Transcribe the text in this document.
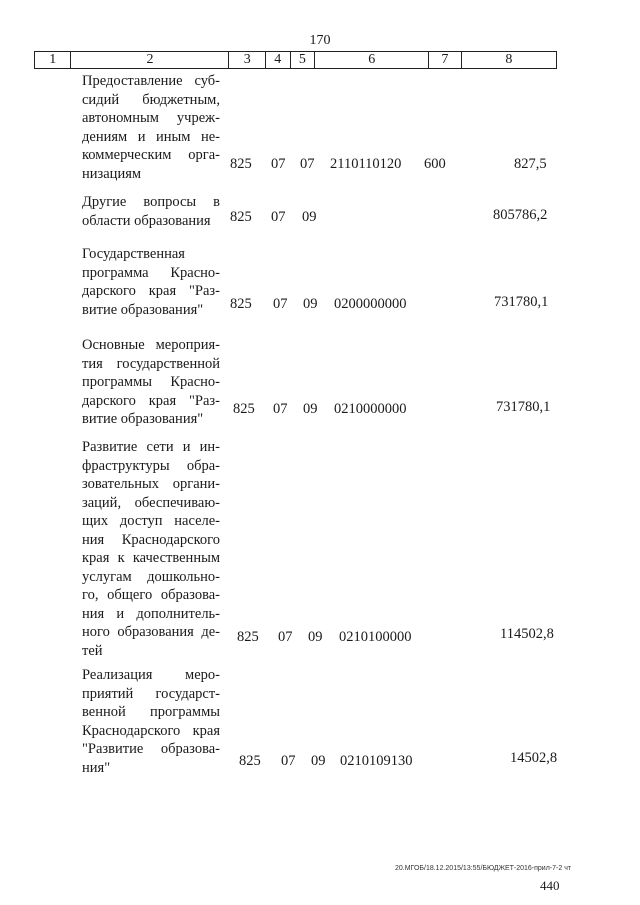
170
1	2	3	4	5	6	7	8
Предоставление суб-
сидий бюджетным,
автономным учреж-
дениям и иным не-
коммерческим орга-
низациям
825 07 07 2110110120 600	827,5
Другие вопросы в
области образования	825 07 09	805786,2
Государственная
программа Красно-
дарского края "Раз-
витие образования"	825 07 09 0200000000	731780,1
Основные мероприя-
тия государственной
программы Красно-
дарского края "Раз-
витие образования"
825 07 09 0210000000	731780,1
Развитие сети и ин-
фраструктуры обра-
зовательных органи-
заций, обеспечиваю-
щих доступ населе-
ния Краснодарского
края к качественным
услугам дошкольно-
го, общего образова-
ния и дополнитель-
ного образования де-
тей
825 07 09 0210100000	114502,8
Реализация меро-
приятий государст-
венной программы
Краснодарского края
"Развитие образова-
ния"	825 07 09 0210109130	14502,8
20.МГОБ/18.12.2015/13:55/БЮДЖЕТ-2016-прил-7-2 чт
440
